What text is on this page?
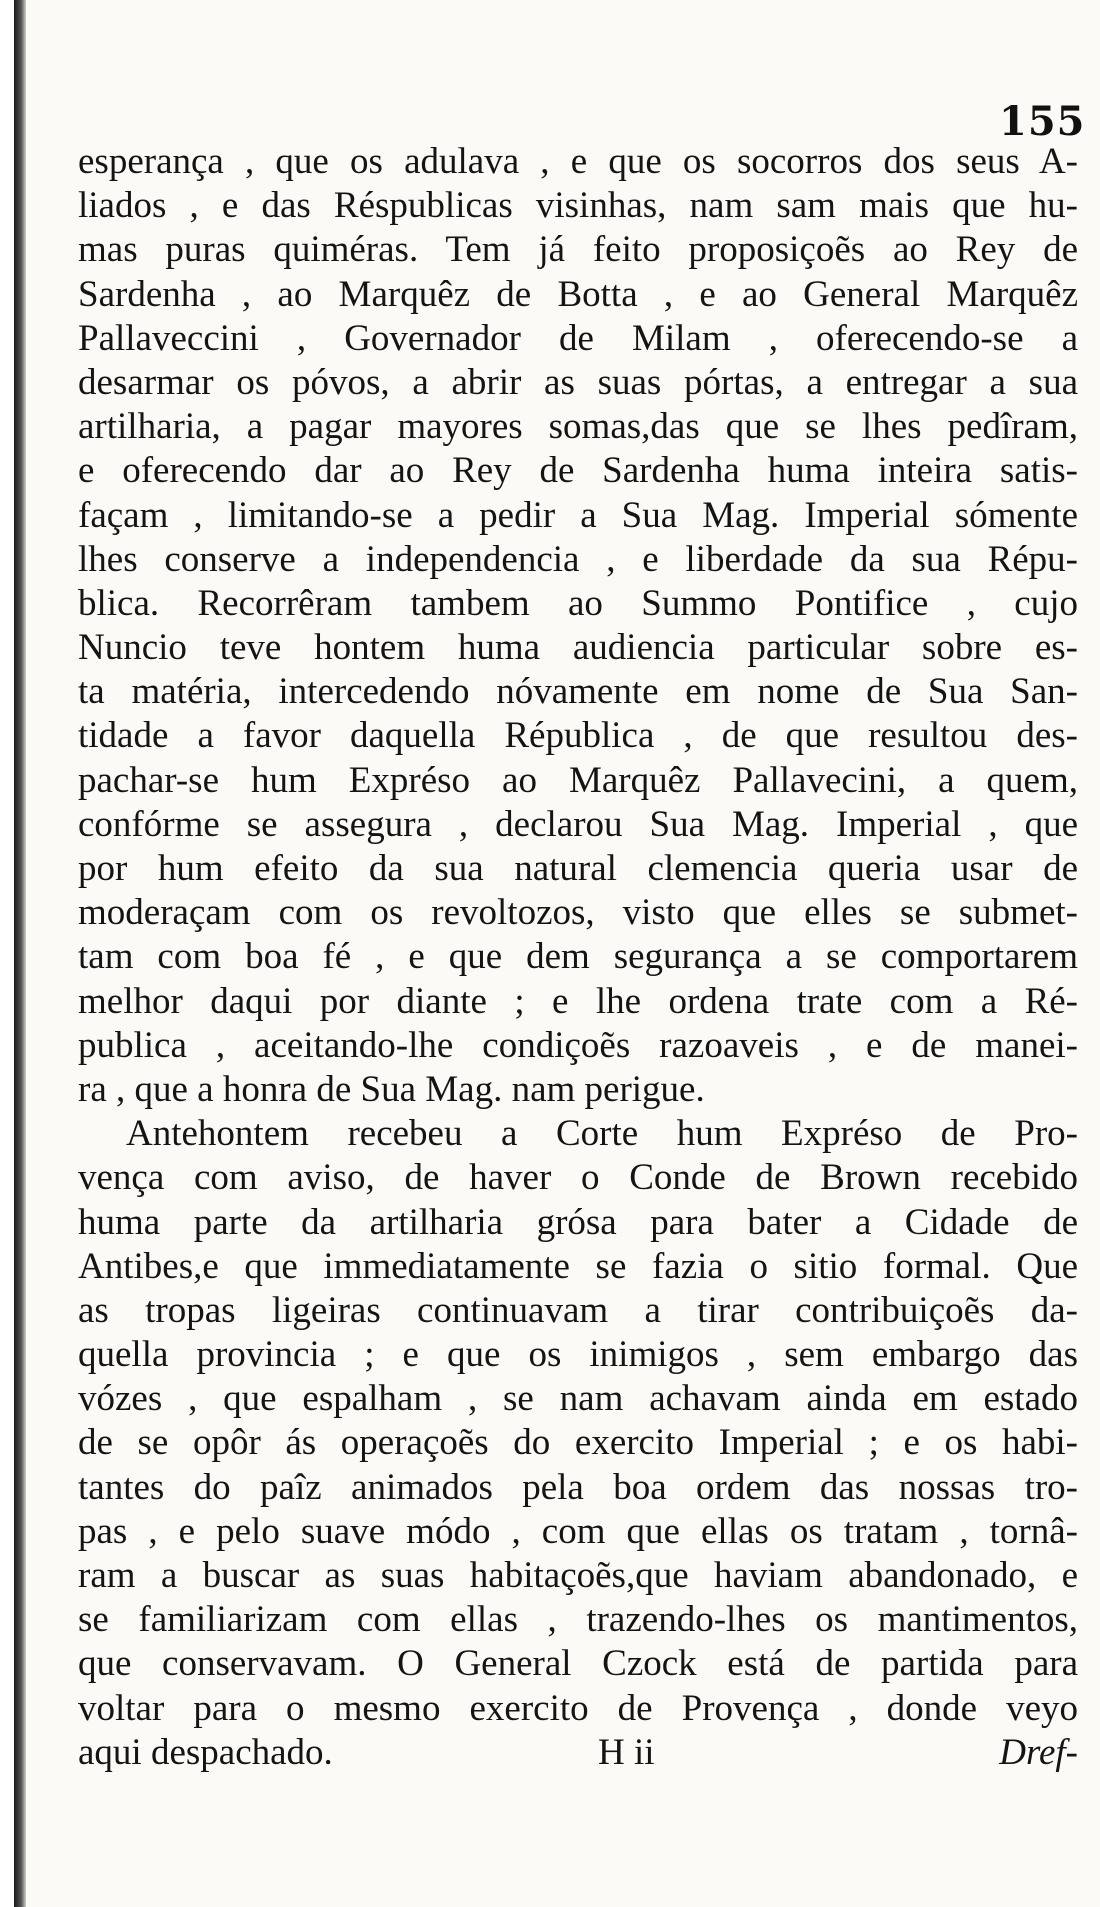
155
esperança , que os adulava , e que os socorros dos seus A-
liados , e das Réspublicas visinhas, nam sam mais que hu-
mas puras quiméras. Tem já feito proposiçoẽs ao Rey de
Sardenha , ao Marquêz de Botta , e ao General Marquêz
Pallaveccini , Governador de Milam , oferecendo-se a
desarmar os póvos, a abrir as suas pórtas, a entregar a sua
artilharia, a pagar mayores somas,das que se lhes pedîram,
e oferecendo dar ao Rey de Sardenha huma inteira satis-
façam , limitando-se a pedir a Sua Mag. Imperial sómente
lhes conserve a independencia , e liberdade da sua Répu-
blica. Recorrêram tambem ao Summo Pontifice , cujo
Nuncio teve hontem huma audiencia particular sobre es-
ta matéria, intercedendo nóvamente em nome de Sua San-
tidade a favor daquella Républica , de que resultou des-
pachar-se hum Expréso ao Marquêz Pallavecini, a quem,
confórme se assegura , declarou Sua Mag. Imperial , que
por hum efeito da sua natural clemencia queria usar de
moderaçam com os revoltozos, visto que elles se submet-
tam com boa fé , e que dem segurança a se comportarem
melhor daqui por diante ; e lhe ordena trate com a Ré-
publica , aceitando-lhe condiçoẽs razoaveis , e de manei-
ra , que a honra de Sua Mag. nam perigue.
Antehontem recebeu a Corte hum Expréso de Pro-
vença com aviso, de haver o Conde de Brown recebido
huma parte da artilharia grósa para bater a Cidade de
Antibes,e que immediatamente se fazia o sitio formal. Que
as tropas ligeiras continuavam a tirar contribuiçoẽs da-
quella provincia ; e que os inimigos , sem embargo das
vózes , que espalham , se nam achavam ainda em estado
de se opôr ás operaçoẽs do exercito Imperial ; e os habi-
tantes do paîz animados pela boa ordem das nossas tro-
pas , e pelo suave módo , com que ellas os tratam , tornâ-
ram a buscar as suas habitaçoẽs,que haviam abandonado, e
se familiarizam com ellas , trazendo-lhes os mantimentos,
que conservavam. O General Czock está de partida para
voltar para o mesmo exercito de Provença , donde veyo
aqui despachado.	H ii	Dref-
